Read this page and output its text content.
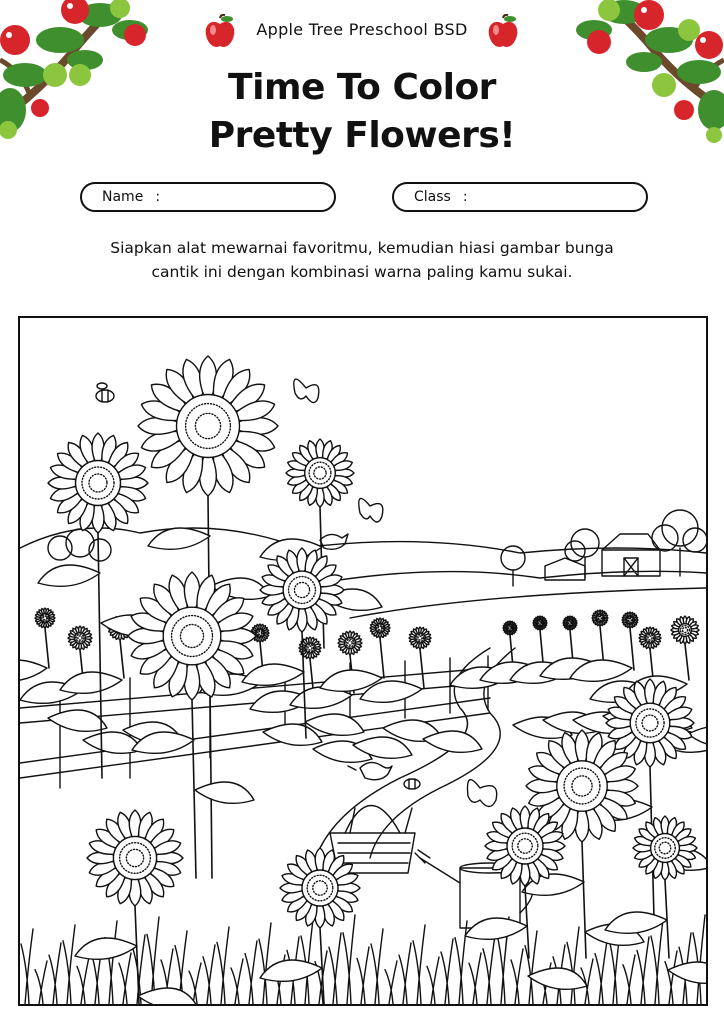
Apple Tree Preschool BSD
Time To Color
Pretty Flowers!
Name :	Class :
Siapkan alat mewarnai favoritmu, kemudian hiasi gambar bunga
cantik ini dengan kombinasi warna paling kamu sukai.
